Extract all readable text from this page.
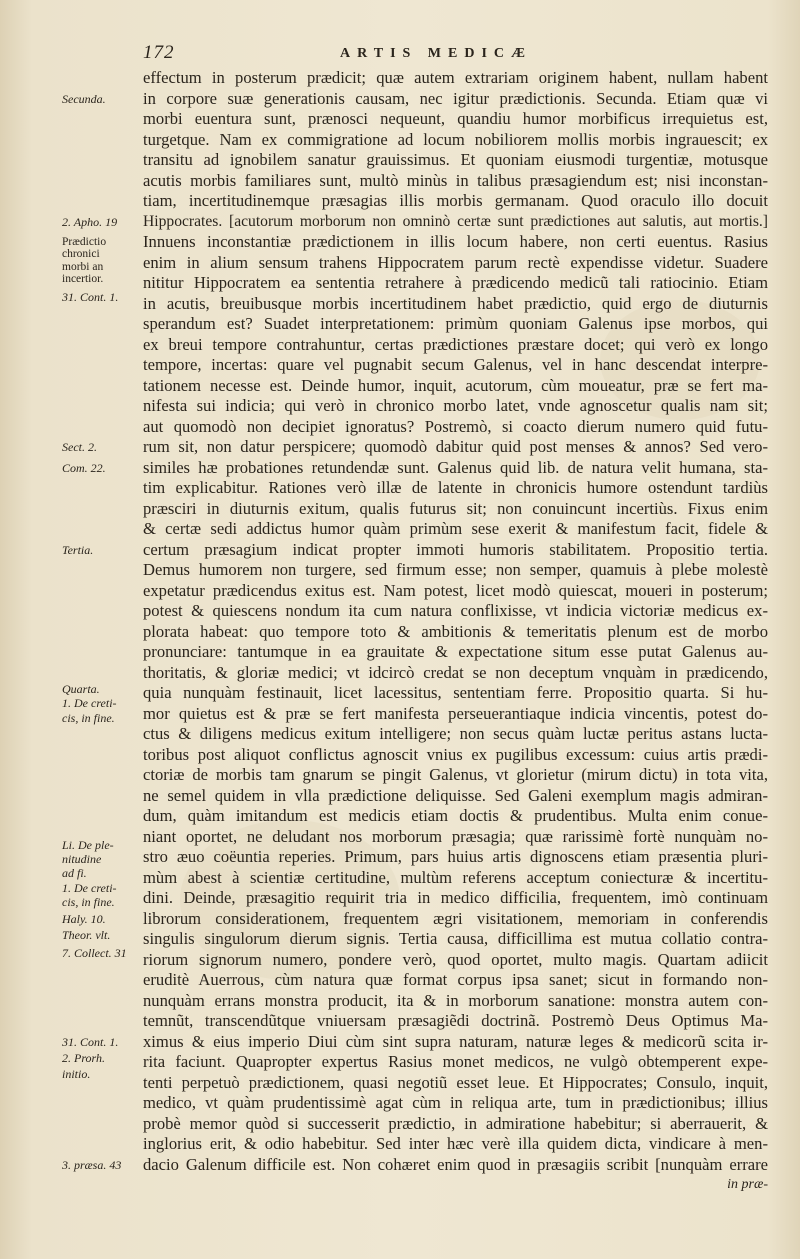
172	ARTIS MEDICÆ
Secunda.
2. Apho. 19
Prædictio
chronici
morbi an
incertior.
31. Cont. 1.
Sect. 2.
Com. 22.
Tertia.
Quarta.
1. De creti-
cis, in fine.
Li. De ple-
nitudine
ad fi.
1. De creti-
cis, in fine.
Haly. 10.
Theor. vlt.
7. Collect. 31
31. Cont. 1.
2. Prorh.
initio.
3. præsa. 43
effectum in posterum prædicit; quæ autem extrariam originem habent, nullam habent
in corpore suæ generationis causam, nec igitur prædictionis. Secunda. Etiam quæ vi
morbi euentura sunt, prænosci nequeunt, quandiu humor morbificus irrequietus est,
turgetque. Nam ex commigratione ad locum nobiliorem mollis morbis ingrauescit; ex
transitu ad ignobilem sanatur grauissimus. Et quoniam eiusmodi turgentiæ, motusque
acutis morbis familiares sunt, multò minùs in talibus præsagiendum est; nisi inconstan-
tiam, incertitudinemque præsagias illis morbis germanam. Quod oraculo illo docuit
Hippocrates. [acutorum morborum non omninò certæ sunt prædictiones aut salutis, aut mortis.]
Innuens inconstantiæ prædictionem in illis locum habere, non certi euentus. Rasius
enim in alium sensum trahens Hippocratem parum rectè expendisse videtur. Suadere
nititur Hippocratem ea sententia retrahere à prædicendo medicũ tali ratiocinio. Etiam
in acutis, breuibusque morbis incertitudinem habet prædictio, quid ergo de diuturnis
sperandum est? Suadet interpretationem: primùm quoniam Galenus ipse morbos, qui
ex breui tempore contrahuntur, certas prædictiones præstare docet; qui verò ex longo
tempore, incertas: quare vel pugnabit secum Galenus, vel in hanc descendat interpre-
tationem necesse est. Deinde humor, inquit, acutorum, cùm moueatur, præ se fert ma-
nifesta sui indicia; qui verò in chronico morbo latet, vnde agnoscetur qualis nam sit;
aut quomodò non decipiet ignoratus? Postremò, si coacto dierum numero quid futu-
rum sit, non datur perspicere; quomodò dabitur quid post menses & annos? Sed vero-
similes hæ probationes retundendæ sunt. Galenus quid lib. de natura velit humana, sta-
tim explicabitur. Rationes verò illæ de latente in chronicis humore ostendunt tardiùs
præsciri in diuturnis exitum, qualis futurus sit; non conuincunt incertiùs. Fixus enim
& certæ sedi addictus humor quàm primùm sese exerit & manifestum facit, fidele &
certum præsagium indicat propter immoti humoris stabilitatem. Propositio tertia.
Demus humorem non turgere, sed firmum esse; non semper, quamuis à plebe molestè
expetatur prædicendus exitus est. Nam potest, licet modò quiescat, moueri in posterum;
potest & quiescens nondum ita cum natura conflixisse, vt indicia victoriæ medicus ex-
plorata habeat: quo tempore toto & ambitionis & temeritatis plenum est de morbo
pronunciare: tantumque in ea grauitate & expectatione situm esse putat Galenus au-
thoritatis, & gloriæ medici; vt idcircò credat se non deceptum vnquàm in prædicendo,
quia nunquàm festinauit, licet lacessitus, sententiam ferre. Propositio quarta. Si hu-
mor quietus est & præ se fert manifesta perseuerantiaque indicia vincentis, potest do-
ctus & diligens medicus exitum intelligere; non secus quàm luctæ peritus astans lucta-
toribus post aliquot conflictus agnoscit vnius ex pugilibus excessum: cuius artis prædi-
ctoriæ de morbis tam gnarum se pingit Galenus, vt glorietur (mirum dictu) in tota vita,
ne semel quidem in vlla prædictione deliquisse. Sed Galeni exemplum magis admiran-
dum, quàm imitandum est medicis etiam doctis & prudentibus. Multa enim conue-
niant oportet, ne deludant nos morborum præsagia; quæ rarissimè fortè nunquàm no-
stro æuo coëuntia reperies. Primum, pars huius artis dignoscens etiam præsentia pluri-
mùm abest à scientiæ certitudine, multùm referens acceptum coniecturæ & incertitu-
dini. Deinde, præsagitio requirit tria in medico difficilia, frequentem, imò continuam
librorum considerationem, frequentem ægri visitationem, memoriam in conferendis
singulis singulorum dierum signis. Tertia causa, difficillima est mutua collatio contra-
riorum signorum numero, pondere verò, quod oportet, multo magis. Quartam adiicit
eruditè Auerrous, cùm natura quæ format corpus ipsa sanet; sicut in formando non-
nunquàm errans monstra producit, ita & in morborum sanatione: monstra autem con-
temnũt, transcendũtque vniuersam præsagiẽdi doctrinã. Postremò Deus Optimus Ma-
ximus & eius imperio Diui cùm sint supra naturam, naturæ leges & medicorũ scita ir-
rita faciunt. Quapropter expertus Rasius monet medicos, ne vulgò obtemperent expe-
tenti perpetuò prædictionem, quasi negotiũ esset leue. Et Hippocrates; Consulo, inquit,
medico, vt quàm prudentissimè agat cùm in reliqua arte, tum in prædictionibus; illius
probè memor quòd si successerit prædictio, in admiratione habebitur; si aberrauerit, &
inglorius erit, & odio habebitur. Sed inter hæc verè illa quidem dicta, vindicare à men-
dacio Galenum difficile est. Non cohæret enim quod in præsagiis scribit [nunquàm errare
in præ-
